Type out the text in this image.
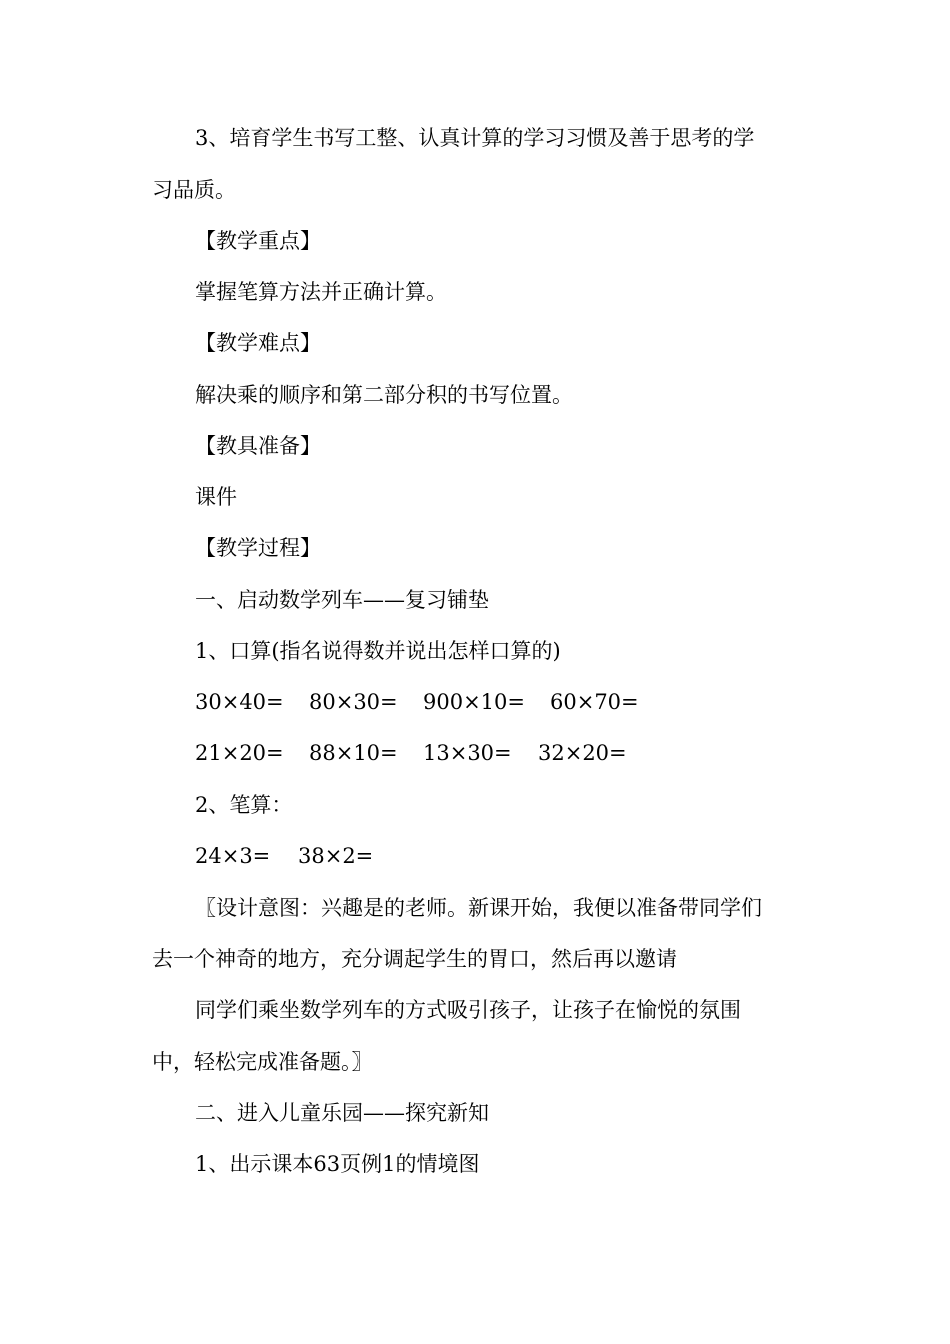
3、培育学生书写工整、认真计算的学习习惯及善于思考的学
习品质。
【教学重点】
掌握笔算方法并正确计算。
【教学难点】
解决乘的顺序和第二部分积的书写位置。
【教具准备】
课件
【教学过程】
一、启动数学列车——复习铺垫
1、口算(指名说得数并说出怎样口算的)
30×40= 80×30= 900×10= 60×70=
21×20= 88×10= 13×30= 32×20=
2、笔算：
24×3= 38×2=
〖设计意图：兴趣是的老师。新课开始，我便以准备带同学们
去一个神奇的地方，充分调起学生的胃口，然后再以邀请
同学们乘坐数学列车的方式吸引孩子，让孩子在愉悦的氛围
中，轻松完成准备题。〗
二、进入儿童乐园——探究新知
1、出示课本63页例1的情境图
